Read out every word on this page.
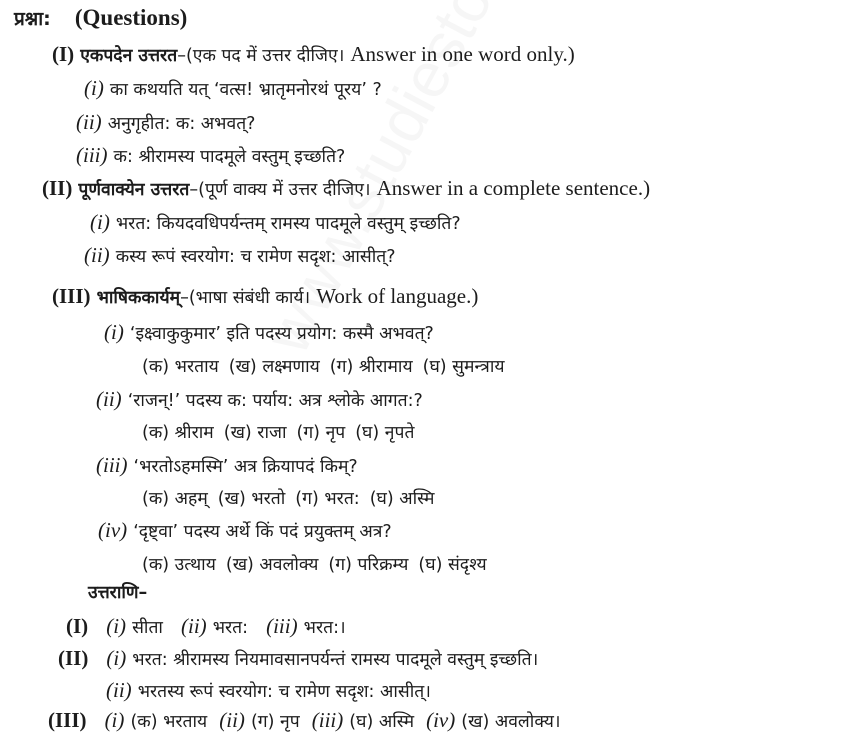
प्रश्ना: (Questions)
(I) एकपदेन उत्तरत–(एक पद में उत्तर दीजिए। Answer in one word only.)
(i) का कथयति यत् ‘वत्स! भ्रातृमनोरथं पूरय’ ?
(ii) अनुगृहीत: क: अभवत्?
(iii) क: श्रीरामस्य पादमूले वस्तुम् इच्छति?
(II) पूर्णवाक्येन उत्तरत–(पूर्ण वाक्य में उत्तर दीजिए। Answer in a complete sentence.)
(i) भरत: कियदवधिपर्यन्तम् रामस्य पादमूले वस्तुम् इच्छति?
(ii) कस्य रूपं स्वरयोग: च रामेण सदृश: आसीत्?
(III) भाषिककार्यम्–(भाषा संबंधी कार्य। Work of language.)
(i) ‘इक्ष्वाकुकुमार’ इति पदस्य प्रयोग: कस्मै अभवत्?
(क) भरताय (ख) लक्ष्मणाय (ग) श्रीरामाय (घ) सुमन्त्राय
(ii) ‘राजन्!’ पदस्य क: पर्याय: अत्र श्लोके आगत:?
(क) श्रीराम (ख) राजा (ग) नृप (घ) नृपते
(iii) ‘भरतोऽहमस्मि’ अत्र क्रियापदं किम्?
(क) अहम् (ख) भरतो (ग) भरत: (घ) अस्मि
(iv) ‘दृष्ट्वा’ पदस्य अर्थे किं पदं प्रयुक्तम् अत्र?
(क) उत्थाय (ख) अवलोक्य (ग) परिक्रम्य (घ) संदृश्य
उत्तराणि–
(I) (i) सीता (ii) भरत: (iii) भरत:।
(II) (i) भरत: श्रीरामस्य नियमावसानपर्यन्तं रामस्य पादमूले वस्तुम् इच्छति।
(ii) भरतस्य रूपं स्वरयोग: च रामेण सदृश: आसीत्।
(III) (i) (क) भरताय (ii) (ग) नृप (iii) (घ) अस्मि (iv) (ख) अवलोक्य।
